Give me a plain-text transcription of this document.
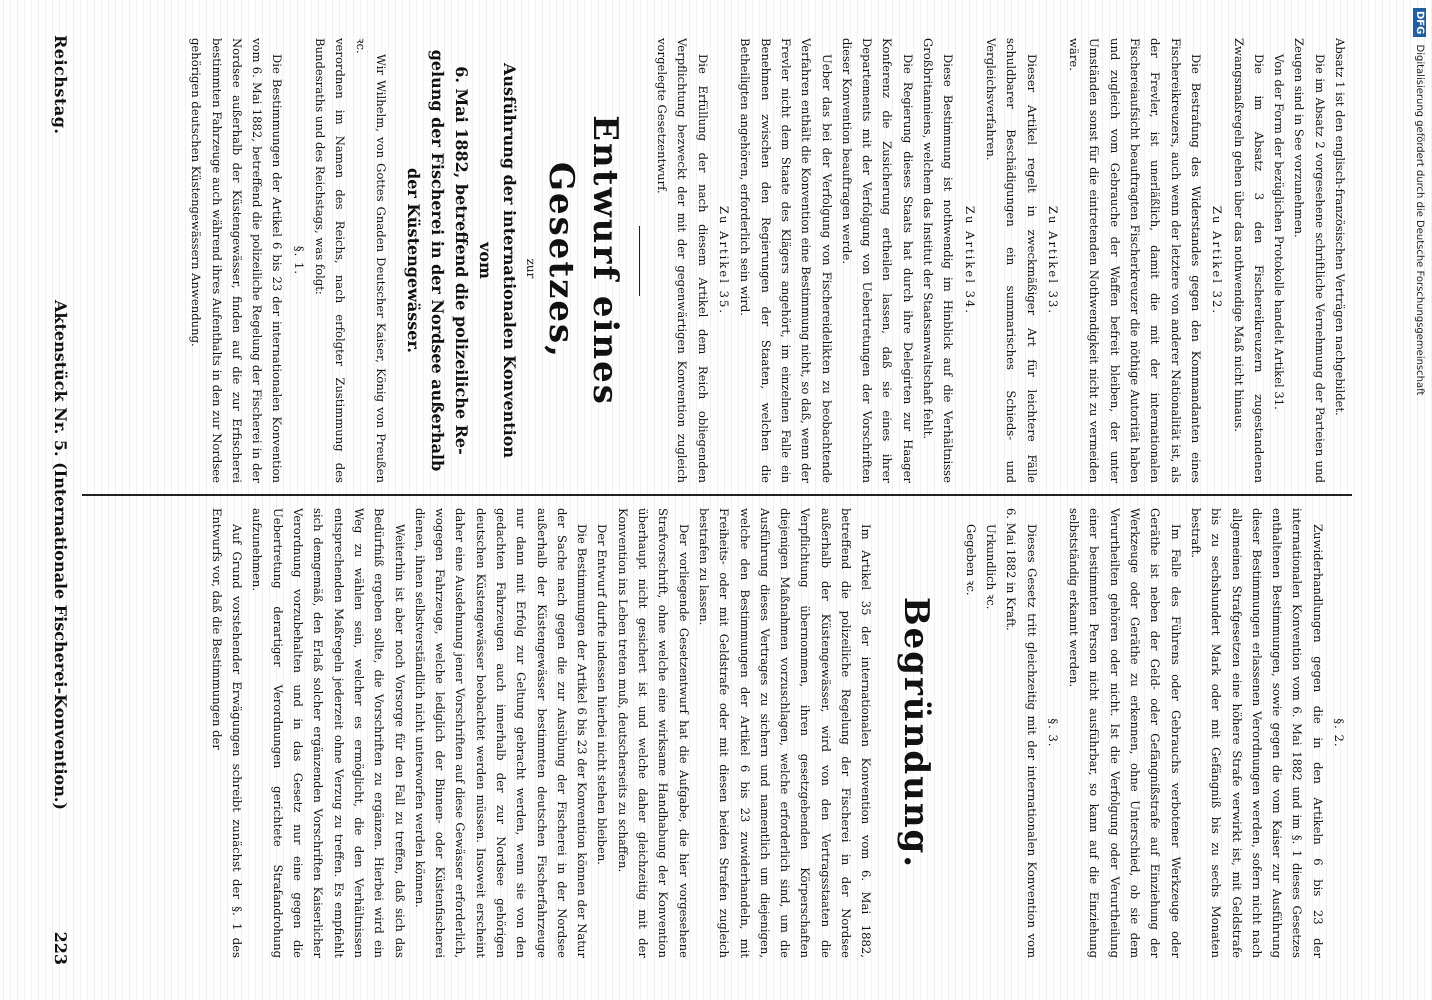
DFG Digitalisierung gefördert durch die Deutsche Forschungsgemeinschaft
Reichstag.
Aktenstück Nr. 5. (Internationale Fischerei-Konvention.)
223

Absatz 1 ist den englisch-französischen Verträgen nachgebildet.

Die im Absatz 2 vorgesehene schriftliche Vernehmung der Parteien und Zeugen sind in See vorzunehmen.

Von der Form der bezüglichen Protokolle handelt Artikel 31.

Die im Absatz 3 den Fischereikreuzern zugestandenen Zwangsmaßregeln gehen über das nothwendige Maß nicht hinaus.

Zu Artikel 32.

Die Bestrafung des Widerstandes gegen den Kommandanten eines Fischereikreuzers, auch wenn der letztere von anderer Nationalität ist, als der Frevler, ist unerläßlich, damit die mit der internationalen Fischereiaufsicht beauftragten Fischerkreuzer die nöthige Autorität haben und zugleich vom Gebrauche der Waffen befreit bleiben, der unter Umständen sonst für die eintretenden Nothwendigkeit nicht zu vermeiden wäre.

Zu Artikel 33.

Dieser Artikel regelt in zweckmäßiger Art für leichtere Fälle schuldbarer Beschädigungen ein summarisches Schieds- und Vergleichsverfahren.

Zu Artikel 34.

Diese Bestimmung ist nothwendig im Hinblick auf die Verhältnisse Großbritanniens, welchem das Institut der Staatsanwaltschaft fehlt.

Die Regierung dieses Staats hat durch ihre Delegirten zur Haager Konferenz die Zusicherung ertheilen lassen, daß sie eines ihrer Departements mit der Verfolgung von Uebertretungen der Vorschriften dieser Konvention beauftragen werde.

Ueber das bei der Verfolgung von Fischereidelikten zu beobachtende Verfahren enthält die Konvention eine Bestimmung nicht, so daß, wenn der Frevler nicht dem Staate des Klägers angehört, im einzelnen Falle ein Benehmen zwischen den Regierungen der Staaten, welchen die Betheiligten angehören, erforderlich sein wird.

Zu Artikel 35.

Die Erfüllung der nach diesem Artikel dem Reich obliegenden Verpflichtung bezweckt der mit der gegenwärtigen Konvention zugleich vorgelegte Gesetzentwurf.

Entwurf eines Gesetzes,

zur

Ausführung der internationalen Konvention vom
6. Mai 1882, betreffend die polizeiliche Re-
gelung der Fischerei in der Nordsee außerhalb
der Küstengewässer.

Wir Wilhelm, von Gottes Gnaden Deutscher Kaiser, König von Preußen ꝛc.

verordnen im Namen des Reichs, nach erfolgter Zustimmung des Bundesraths und des Reichstags, was folgt:

§. 1.

Die Bestimmungen der Artikel 6 bis 23 der internationalen Konvention vom 6. Mai 1882, betreffend die polizeiliche Regelung der Fischerei in der Nordsee außerhalb der Küstengewässer, finden auf die zur Erfischerei bestimmten Fahrzeuge auch während ihres Aufenthalts in den zur Nordsee gehörigen deutschen Küstengewässern Anwendung.

§. 2.

Zuwiderhandlungen gegen die in den Artikeln 6 bis 23 der internationalen Konvention vom 6. Mai 1882 und im §. 1 dieses Gesetzes enthaltenen Bestimmungen, sowie gegen die vom Kaiser zur Ausführung dieser Bestimmungen erlassenen Verordnungen werden, sofern nicht nach allgemeinen Strafgesetzen eine höhere Strafe verwirkt ist, mit Geldstrafe bis zu sechshundert Mark oder mit Gefängniß bis zu sechs Monaten bestraft.

Im Falle des Führens oder Gebrauchs verbotener Werkzeuge oder Geräthe ist neben der Geld- oder Gefängnißstrafe auf Einziehung der Werkzeuge oder Geräthe zu erkennen, ohne Unterschied, ob sie dem Verurtheilten gehören oder nicht. Ist die Verfolgung oder Verurtheilung einer bestimmten Person nicht ausführbar, so kann auf die Einziehung selbstständig erkannt werden.

§. 3.

Dieses Gesetz tritt gleichzeitig mit der internationalen Konvention vom 6. Mai 1882 in Kraft.

Urkundlich ꝛc.

Gegeben ꝛc.

Begründung.

Im Artikel 35 der internationalen Konvention vom 6. Mai 1882, betreffend die polizeiliche Regelung der Fischerei in der Nordsee außerhalb der Küstengewässer, wird von den Vertragsstaaten die Verpflichtung übernommen, ihren gesetzgebenden Körperschaften diejenigen Maßnahmen vorzuschlagen, welche erforderlich sind, um die Ausführung dieses Vertrages zu sichern und namentlich um diejenigen, welche den Bestimmungen der Artikel 6 bis 23 zuwiderhandeln, mit Freiheits- oder mit Geldstrafe oder mit diesen beiden Strafen zugleich bestrafen zu lassen.

Der vorliegende Gesetzentwurf hat die Aufgabe, die hier vorgesehene Strafvorschrift, ohne welche eine wirksame Handhabung der Konvention überhaupt nicht gesichert ist und welche daher gleichzeitig mit der Konvention ins Leben treten muß, deutscherseits zu schaffen.

Der Entwurf durfte indessen hierbei nicht stehen bleiben.

Die Bestimmungen der Artikel 6 bis 23 der Konvention können der Natur der Sache nach gegen die zur Ausübung der Fischerei in der Nordsee außerhalb der Küstengewässer bestimmten deutschen Fischerfahrzeuge nur dann mit Erfolg zur Geltung gebracht werden, wenn sie von den gedachten Fahrzeugen auch innerhalb der zur Nordsee gehörigen deutschen Küstengewässer beobachtet werden müssen. Insoweit erscheint daher eine Ausdehnung jener Vorschriften auf diese Gewässer erforderlich, wogegen Fahrzeuge, welche lediglich der Binnen- oder Küstenfischerei dienen, ihnen selbstverständlich nicht unterworfen werden können.

Weiterhin ist aber noch Vorsorge für den Fall zu treffen, daß sich das Bedürfniß ergeben sollte, die Vorschriften zu ergänzen. Hierbei wird ein Weg zu wählen sein, welcher es ermöglicht, die den Verhältnissen entsprechenden Maßregeln jederzeit ohne Verzug zu treffen. Es empfiehlt sich demgemäß, den Erlaß solcher ergänzenden Vorschriften Kaiserlicher Verordnung vorzubehalten und in das Gesetz nur eine gegen die Uebertretung derartiger Verordnungen gerichtete Strafandrohung aufzunehmen.

Auf Grund vorstehender Erwägungen schreibt zunächst der §. 1 des Entwurfs vor, daß die Bestimmungen der
